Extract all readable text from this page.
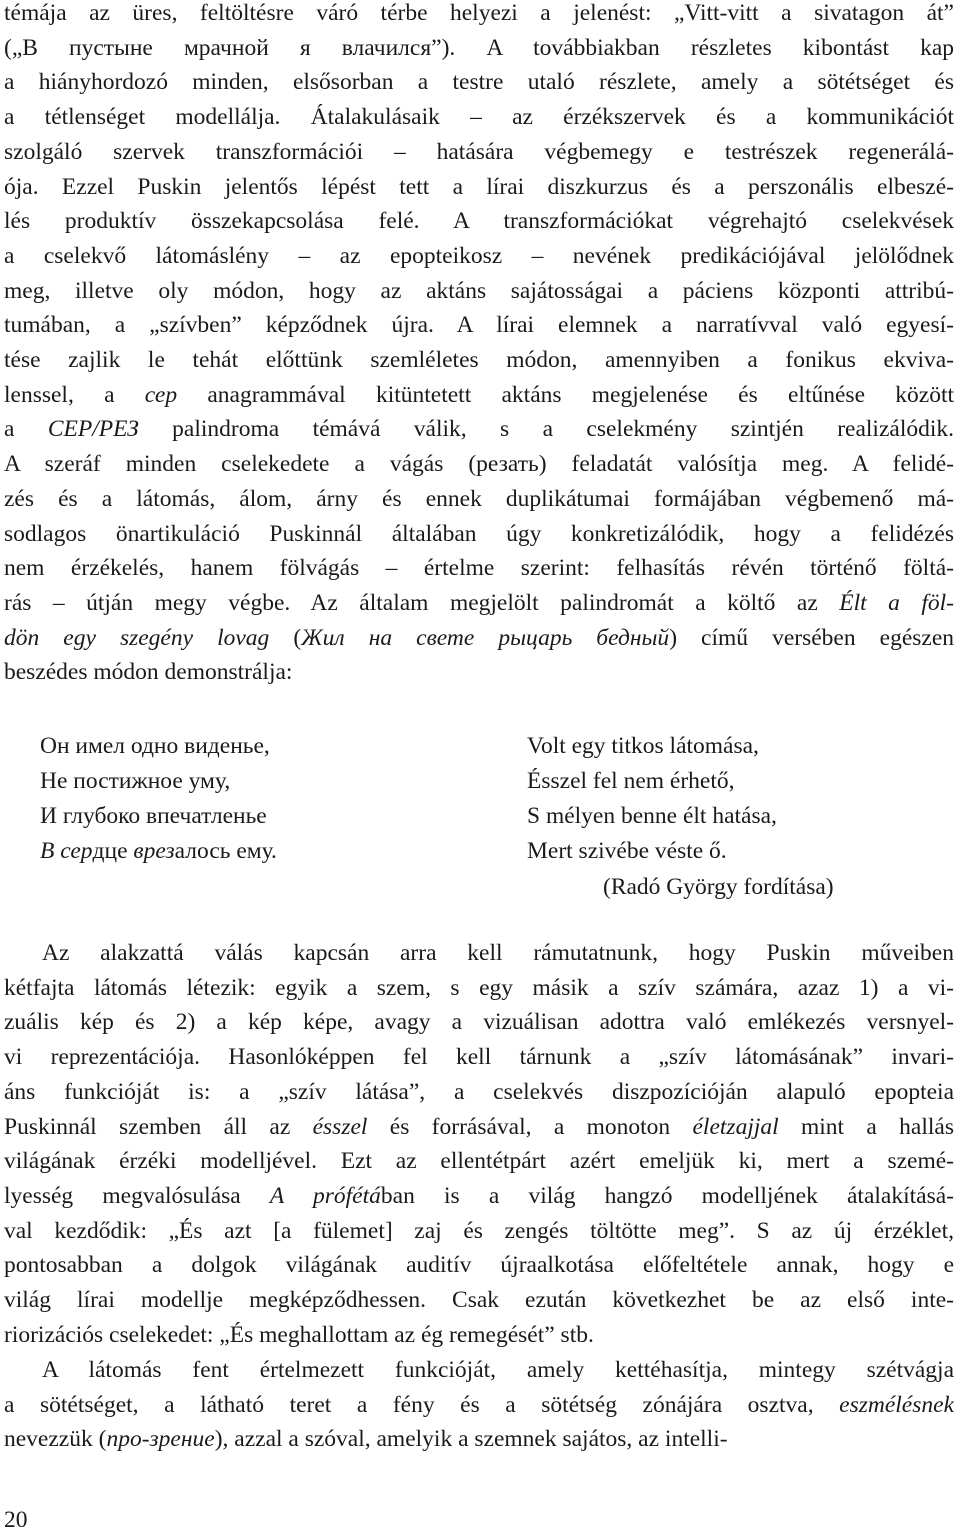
témája az üres, feltöltésre váró térbe helyezi a jelenést: „Vitt-vitt a sivatagon át”
(„В пустыне мрачной я влачился”). A továbbiakban részletes kibontást kap
a hiányhordozó minden, elsősorban a testre utaló részlete, amely a sötétséget és
a tétlenséget modellálja. Átalakulásaik – az érzékszervek és a kommunikációt
szolgáló szervek transzformációi – hatására végbemegy e testrészek regenerálá-
ója. Ezzel Puskin jelentős lépést tett a lírai diszkurzus és a perszonális elbeszé-
lés produktív összekapcsolása felé. A transzformációkat végrehajtó cselekvések
a cselekvő látomáslény – az epopteikosz – nevének predikációjával jelölődnek
meg, illetve oly módon, hogy az aktáns sajátosságai a páciens központi attribú-
tumában, a „szívben” képződnek újra. A lírai elemnek a narratívval való egyesí-
tése zajlik le tehát előttünk szemléletes módon, amennyiben a fonikus ekviva-
lenssel, a сер anagrammával kitüntetett aktáns megjelenése és eltűnése között
a СЕР/РЕЗ palindroma témává válik, s a cselekmény szintjén realizálódik.
A szeráf minden cselekedete a vágás (резать) feladatát valósítja meg. A felidé-
zés és a látomás, álom, árny és ennek duplikátumai formájában végbemenő má-
sodlagos önartikuláció Puskinnál általában úgy konkretizálódik, hogy a felidézés
nem érzékelés, hanem fölvágás – értelme szerint: felhasítás révén történő föltá-
rás – útján megy végbe. Az általam megjelölt palindromát a költő az Élt a föl-
dön egy szegény lovag (Жил на свете рыцарь бедный) című versében egészen
beszédes módon demonstrálja:
Он имел одно виденье,
Не постижное уму,
И глубоко впечатленье
В сердце врезалось ему.
Volt egy titkos látomása,
Ésszel fel nem érhető,
S mélyen benne élt hatása,
Mert szivébe véste ő.
(Radó György fordítása)
Az alakzattá válás kapcsán arra kell rámutatnunk, hogy Puskin műveiben
kétfajta látomás létezik: egyik a szem, s egy másik a szív számára, azaz 1) a vi-
zuális kép és 2) a kép képe, avagy a vizuálisan adottra való emlékezés versnyel-
vi reprezentációja. Hasonlóképpen fel kell tárnunk a „szív látomásának” invari-
áns funkcióját is: a „szív látása”, a cselekvés diszpozícióján alapuló epopteia
Puskinnál szemben áll az ésszel és forrásával, a monoton életzajjal mint a hallás
világának érzéki modelljével. Ezt az ellentétpárt azért emeljük ki, mert a szemé-
lyesség megvalósulása A prófétában is a világ hangzó modelljének átalakításá-
val kezdődik: „És azt [a fülemet] zaj és zengés töltötte meg”. S az új érzéklet,
pontosabban a dolgok világának auditív újraalkotása előfeltétele annak, hogy e
világ lírai modellje megképződhessen. Csak ezután következhet be az első inte-
riorizációs cselekedet: „És meghallottam az ég remegését” stb.
A látomás fent értelmezett funkcióját, amely kettéhasítja, mintegy szétvágja
a sötétséget, a látható teret a fény és a sötétség zónájára osztva, eszmélésnek
nevezzük (про-зрение), azzal a szóval, amelyik a szemnek sajátos, az intelli-
20
